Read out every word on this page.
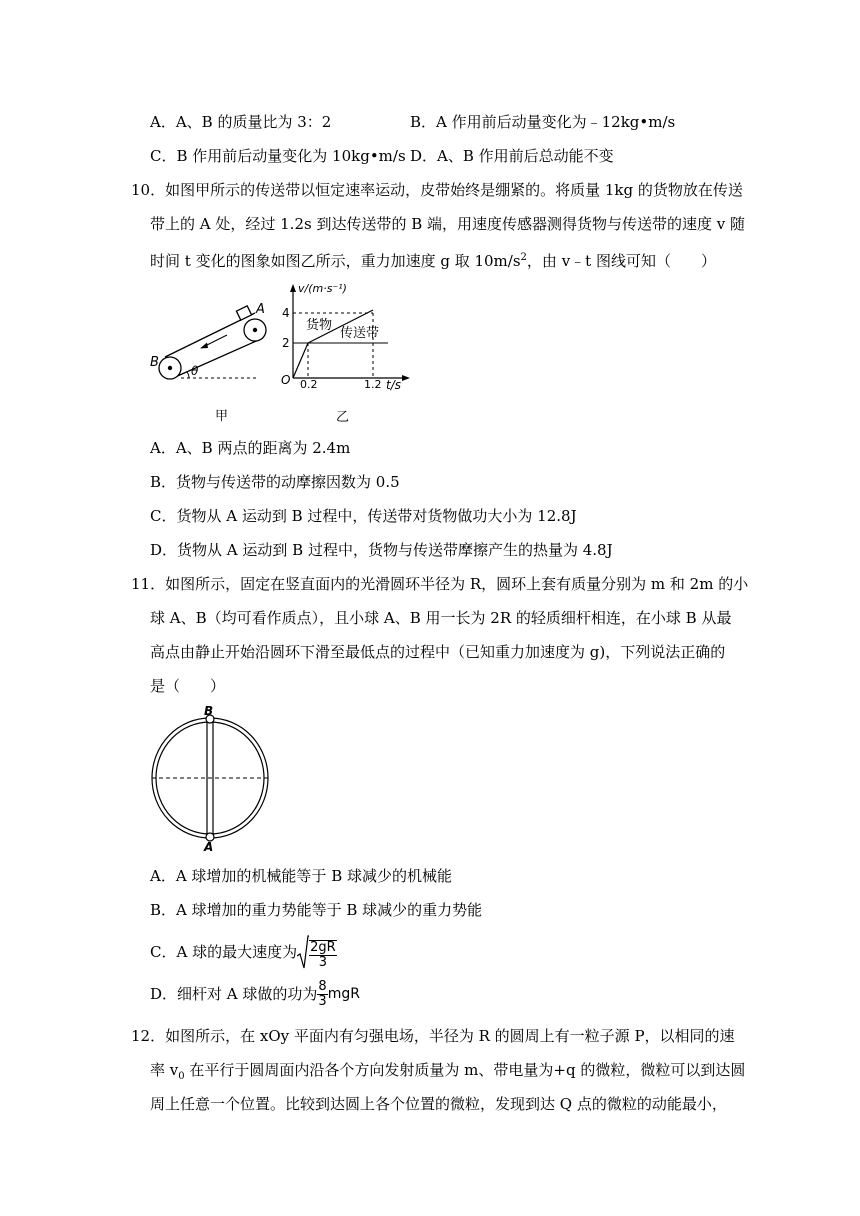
A．A、B 的质量比为 3：2	B．A 作用前后动量变化为﹣12kg•m/s
C．B 作用前后动量变化为 10kg•m/s D．A、B 作用前后总动能不变
10．如图甲所示的传送带以恒定速率运动，皮带始终是绷紧的。将质量 1kg 的货物放在传送
带上的 A 处，经过 1.2s 到达传送带的 B 端，用速度传感器测得货物与传送带的速度 v 随
时间 t 变化的图象如图乙所示，重力加速度 g 取 $10m/s^2$，由 v﹣t 图线可知（　　）
A
B
θ
甲
v/(m·s⁻¹)
t/s
O
4
2
0.2	1.2
货物
传送带
乙
A．A、B 两点的距离为 2.4m
B．货物与传送带的动摩擦因数为 0.5
C．货物从 A 运动到 B 过程中，传送带对货物做功大小为 12.8J
D．货物从 A 运动到 B 过程中，货物与传送带摩擦产生的热量为 4.8J
11．如图所示，固定在竖直面内的光滑圆环半径为 R，圆环上套有质量分别为 m 和 2m 的小
球 A、B（均可看作质点），且小球 A、B 用一长为 2R 的轻质细杆相连，在小球 B 从最
高点由静止开始沿圆环下滑至最低点的过程中（已知重力加速度为 g)，下列说法正确的
是（　　）
B
A
A．A 球增加的机械能等于 B 球减少的机械能
B．A 球增加的重力势能等于 B 球减少的重力势能
C．A 球的最大速度为 $\frac{2gR}{3}$
D．细杆对 A 球做的功为 $\frac{8}{3}$ mgR
12．如图所示，在 xOy 平面内有匀强电场，半径为 R 的圆周上有一粒子源 P，以相同的速
率 $v_0$ 在平行于圆周面内沿各个方向发射质量为 m、带电量为+q 的微粒，微粒可以到达圆
周上任意一个位置。比较到达圆上各个位置的微粒，发现到达 Q 点的微粒的动能最小，
